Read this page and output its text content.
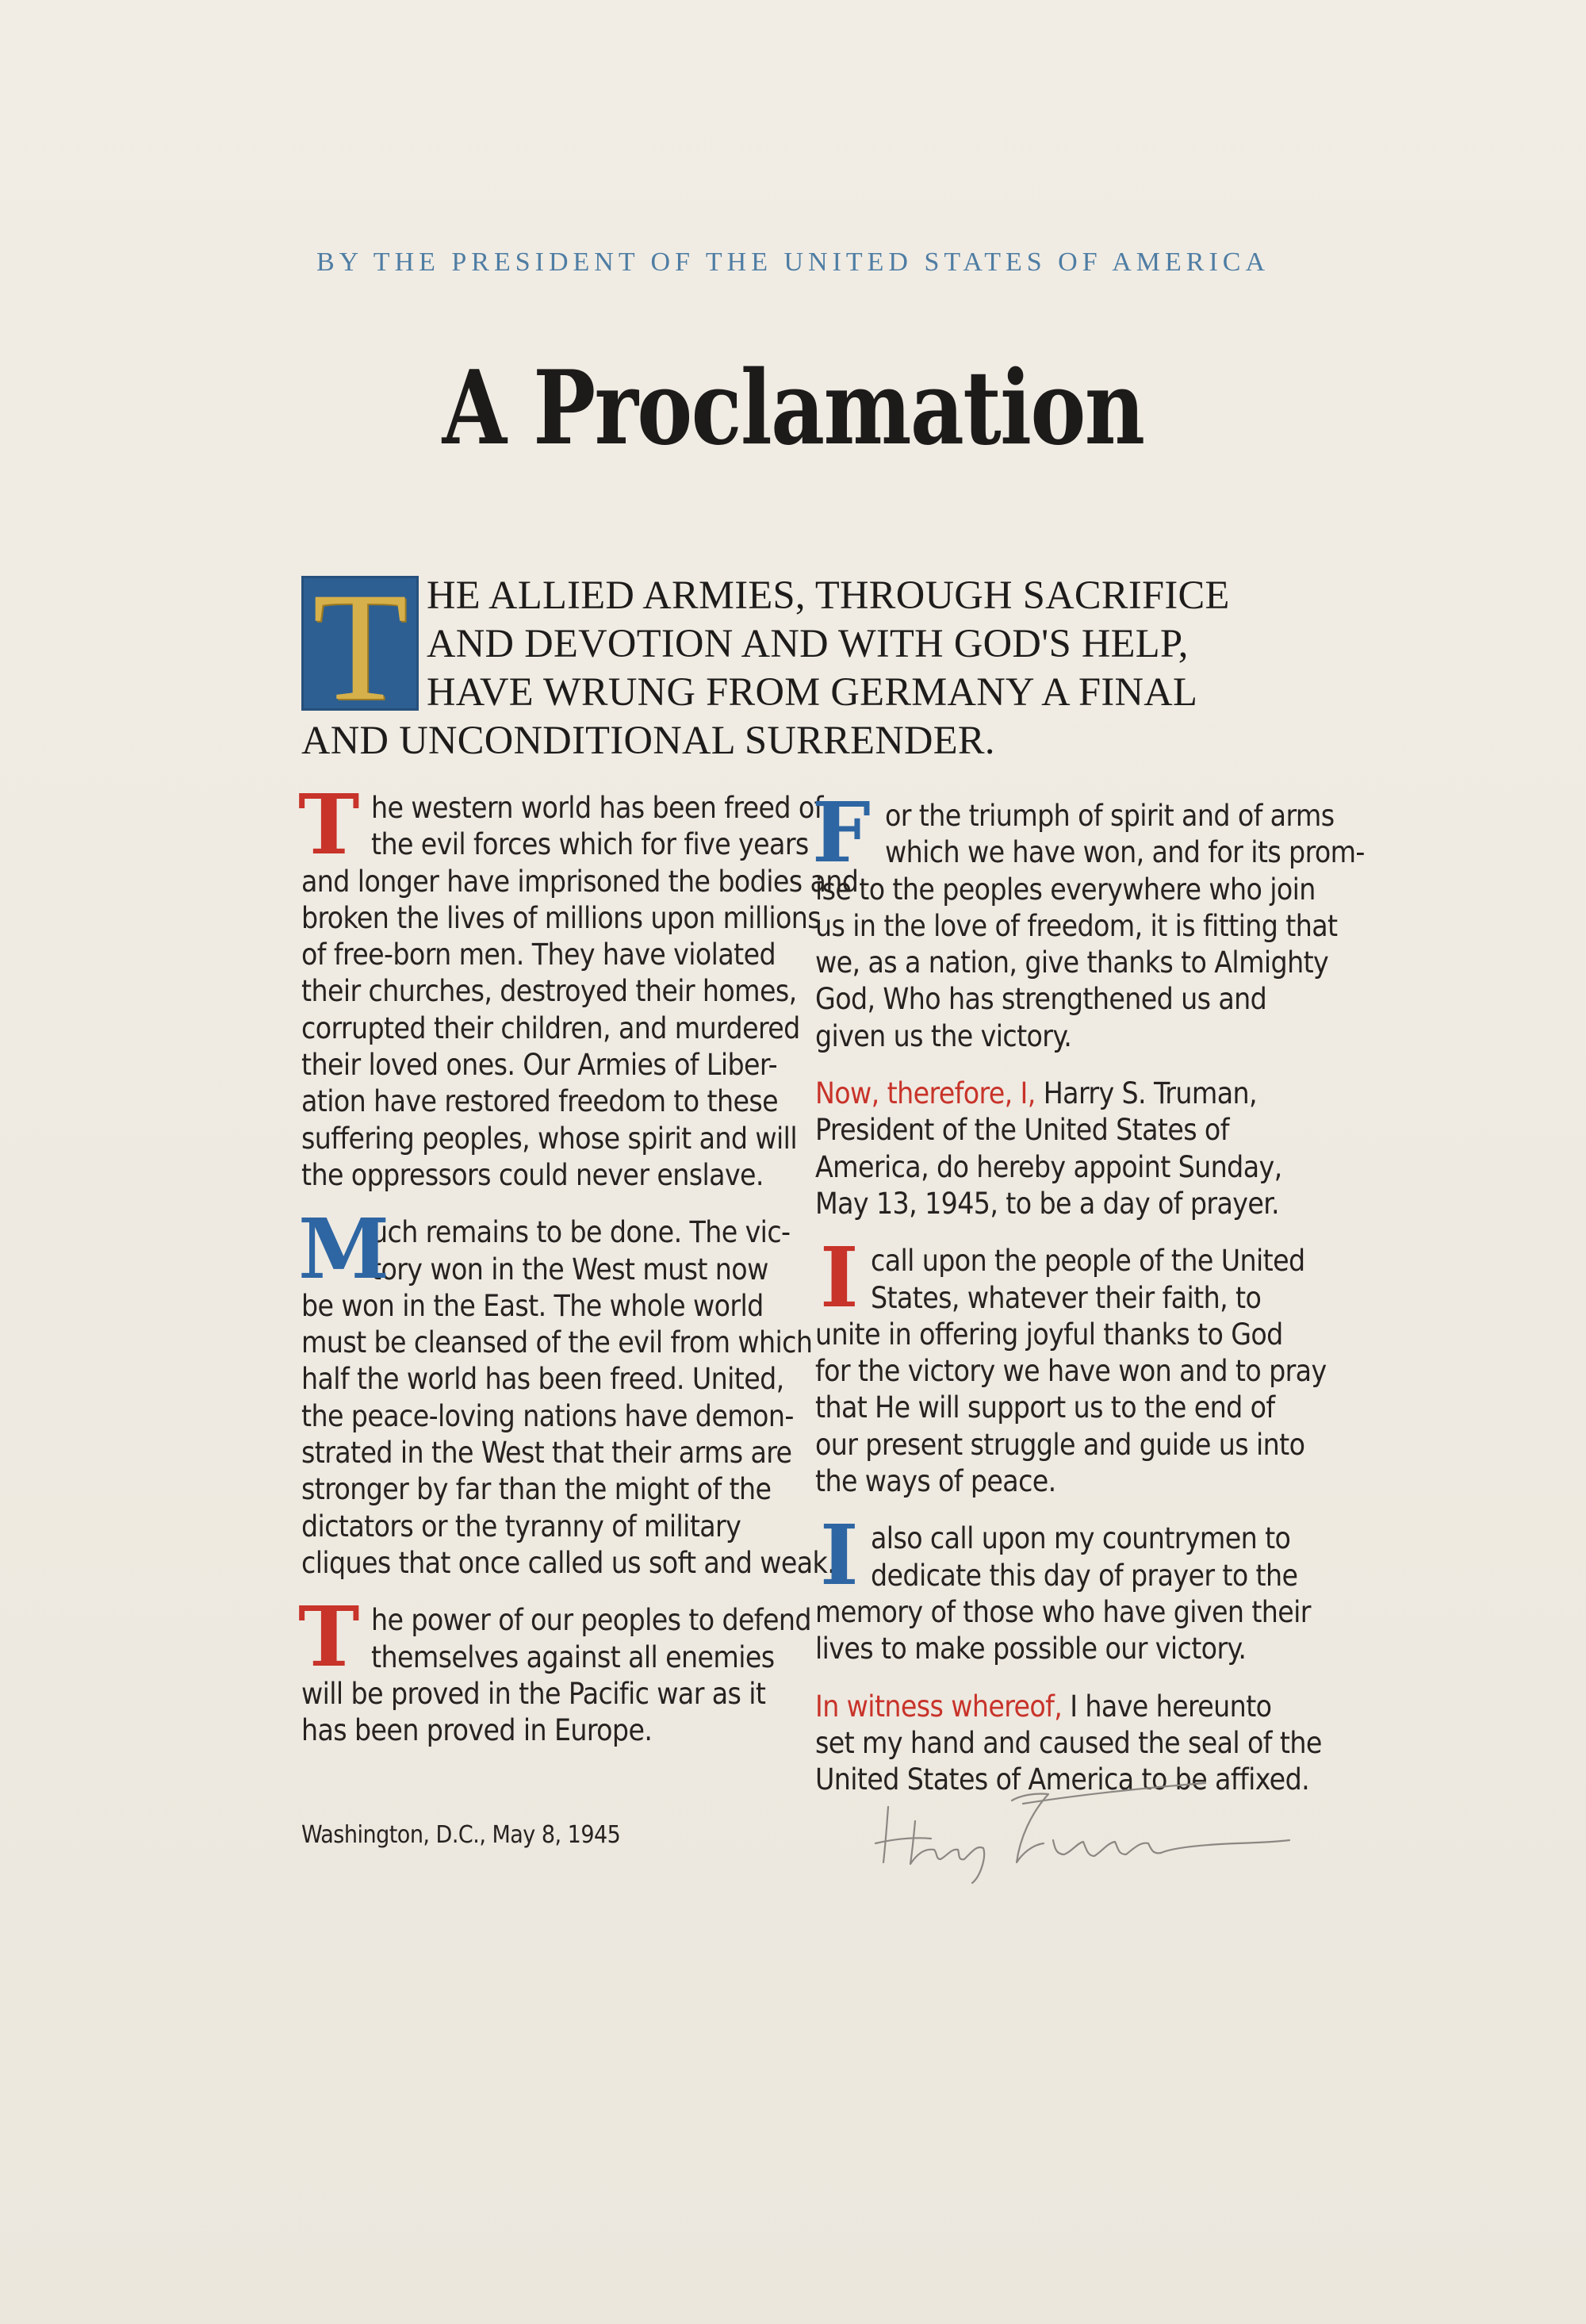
BY THE PRESIDENT OF THE UNITED STATES OF AMERICA
A Proclamation
T HE ALLIED ARMIES, THROUGH SACRIFICE
AND DEVOTION AND WITH GOD'S HELP,
HAVE WRUNG FROM GERMANY A FINAL
AND UNCONDITIONAL SURRENDER.
T he western world has been freed of
the evil forces which for five years
and longer have imprisoned the bodies and
broken the lives of millions upon millions
of free-born men. They have violated
their churches, destroyed their homes,
corrupted their children, and murdered
their loved ones. Our Armies of Liber-
ation have restored freedom to these
suffering peoples, whose spirit and will
the oppressors could never enslave.
M
uch remains to be done. The vic-
tory won in the West must now
be won in the East. The whole world
must be cleansed of the evil from which
half the world has been freed. United,
the peace-loving nations have demon-
strated in the West that their arms are
stronger by far than the might of the
dictators or the tyranny of military
cliques that once called us soft and weak.
T he power of our peoples to defend
themselves against all enemies
will be proved in the Pacific war as it
has been proved in Europe.
F or the triumph of spirit and of arms
which we have won, and for its prom-
ise to the peoples everywhere who join
us in the love of freedom, it is fitting that
we, as a nation, give thanks to Almighty
God, Who has strengthened us and
given us the victory.
Now, therefore, I, Harry S. Truman,
President of the United States of
America, do hereby appoint Sunday,
May 13, 1945, to be a day of prayer.
I call upon the people of the United
States, whatever their faith, to
unite in offering joyful thanks to God
for the victory we have won and to pray
that He will support us to the end of
our present struggle and guide us into
the ways of peace.
I also call upon my countrymen to
dedicate this day of prayer to the
memory of those who have given their
lives to make possible our victory.
In witness whereof, I have hereunto
set my hand and caused the seal of the
United States of America to be affixed.
Washington, D.C., May 8, 1945
